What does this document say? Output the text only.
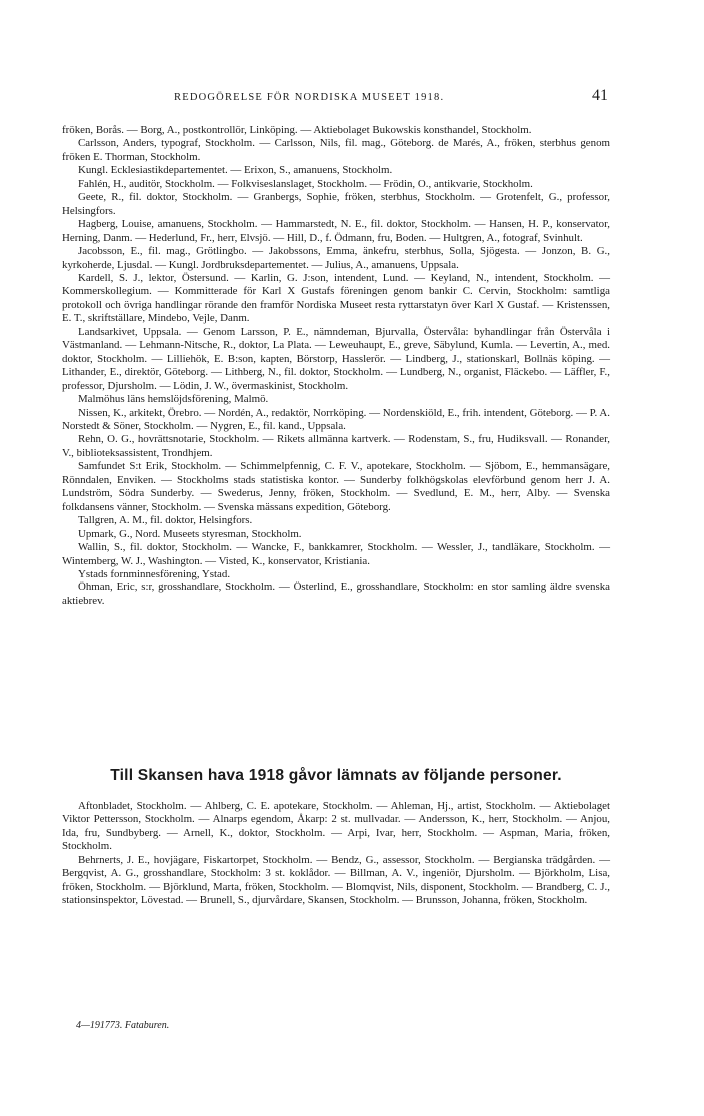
REDOGÖRELSE FÖR NORDISKA MUSEET 1918.	41

fröken, Borås. — Borg, A., postkontrollör, Linköping. — Aktiebolaget Bukowskis konsthandel, Stockholm.

Carlsson, Anders, typograf, Stockholm. — Carlsson, Nils, fil. mag., Göteborg. de Marés, A., fröken, sterbhus genom fröken E. Thorman, Stockholm.

Kungl. Ecklesiastikdepartementet. — Erixon, S., amanuens, Stockholm.

Fahlén, H., auditör, Stockholm. — Folkviseslanslaget, Stockholm. — Frödin, O., antikvarie, Stockholm.

Geete, R., fil. doktor, Stockholm. — Granbergs, Sophie, fröken, sterbhus, Stockholm. — Grotenfelt, G., professor, Helsingfors.

Hagberg, Louise, amanuens, Stockholm. — Hammarstedt, N. E., fil. doktor, Stockholm. — Hansen, H. P., konservator, Herning, Danm. — Hederlund, Fr., herr, Elvsjö. — Hill, D., f. Ödmann, fru, Boden. — Hultgren, A., fotograf, Svinhult.

Jacobsson, E., fil. mag., Grötlingbo. — Jakobssons, Emma, änkefru, sterbhus, Solla, Sjögesta. — Jonzon, B. G., kyrkoherde, Ljusdal. — Kungl. Jordbruksdepartementet. — Julius, A., amanuens, Uppsala.

Kardell, S. J., lektor, Östersund. — Karlin, G. J:son, intendent, Lund. — Keyland, N., intendent, Stockholm. — Kommerskollegium. — Kommitterade för Karl X Gustafs föreningen genom bankir C. Cervin, Stockholm: samtliga protokoll och övriga handlingar rörande den framför Nordiska Museet resta ryttarstatyn över Karl X Gustaf. — Kristenssen, E. T., skriftställare, Mindebo, Vejle, Danm.

Landsarkivet, Uppsala. — Genom Larsson, P. E., nämndeman, Bjurvalla, Östervåla: byhandlingar från Östervåla i Västmanland. — Lehmann-Nitsche, R., doktor, La Plata. — Leweuhaupt, E., greve, Säbylund, Kumla. — Levertin, A., med. doktor, Stockholm. — Lilliehök, E. B:son, kapten, Börstorp, Hasslerör. — Lindberg, J., stationskarl, Bollnäs köping. — Lithander, E., direktör, Göteborg. — Lithberg, N., fil. doktor, Stockholm. — Lundberg, N., organist, Fläckebo. — Läffler, F., professor, Djursholm. — Lödin, J. W., övermaskinist, Stockholm.

Malmöhus läns hemslöjdsförening, Malmö.

Nissen, K., arkitekt, Örebro. — Nordén, A., redaktör, Norrköping. — Nordenskiöld, E., frih. intendent, Göteborg. — P. A. Norstedt & Söner, Stockholm. — Nygren, E., fil. kand., Uppsala.

Rehn, O. G., hovrättsnotarie, Stockholm. — Rikets allmänna kartverk. — Rodenstam, S., fru, Hudiksvall. — Ronander, V., biblioteksassistent, Trondhjem.

Samfundet S:t Erik, Stockholm. — Schimmelpfennig, C. F. V., apotekare, Stockholm. — Sjöbom, E., hemmansägare, Rönndalen, Enviken. — Stockholms stads statistiska kontor. — Sunderby folkhögskolas elevförbund genom herr J. A. Lundström, Södra Sunderby. — Swederus, Jenny, fröken, Stockholm. — Svedlund, E. M., herr, Alby. — Svenska folkdansens vänner, Stockholm. — Svenska mässans expedition, Göteborg.

Tallgren, A. M., fil. doktor, Helsingfors.

Upmark, G., Nord. Museets styresman, Stockholm.

Wallin, S., fil. doktor, Stockholm. — Wancke, F., bankkamrer, Stockholm. — Wessler, J., tandläkare, Stockholm. — Wintemberg, W. J., Washington. — Visted, K., konservator, Kristiania.

Ystads fornminnesförening, Ystad.

Öhman, Eric, s:r, grosshandlare, Stockholm. — Österlind, E., grosshandlare, Stockholm: en stor samling äldre svenska aktiebrev.

Till Skansen hava 1918 gåvor lämnats av följande personer.

Aftonbladet, Stockholm. — Ahlberg, C. E. apotekare, Stockholm. — Ahleman, Hj., artist, Stockholm. — Aktiebolaget Viktor Pettersson, Stockholm. — Alnarps egendom, Åkarp: 2 st. mullvadar. — Andersson, K., herr, Stockholm. — Anjou, Ida, fru, Sundbyberg. — Arnell, K., doktor, Stockholm. — Arpi, Ivar, herr, Stockholm. — Aspman, Maria, fröken, Stockholm.

Behrnerts, J. E., hovjägare, Fiskartorpet, Stockholm. — Bendz, G., assessor, Stockholm. — Bergianska trädgården. — Bergqvist, A. G., grosshandlare, Stockholm: 3 st. koklådor. — Billman, A. V., ingeniör, Djursholm. — Björkholm, Lisa, fröken, Stockholm. — Björklund, Marta, fröken, Stockholm. — Blomqvist, Nils, disponent, Stockholm. — Brandberg, C. J., stationsinspektor, Lövestad. — Brunell, S., djurvårdare, Skansen, Stockholm. — Brunsson, Johanna, fröken, Stockholm.

4—191773. Fataburen.
